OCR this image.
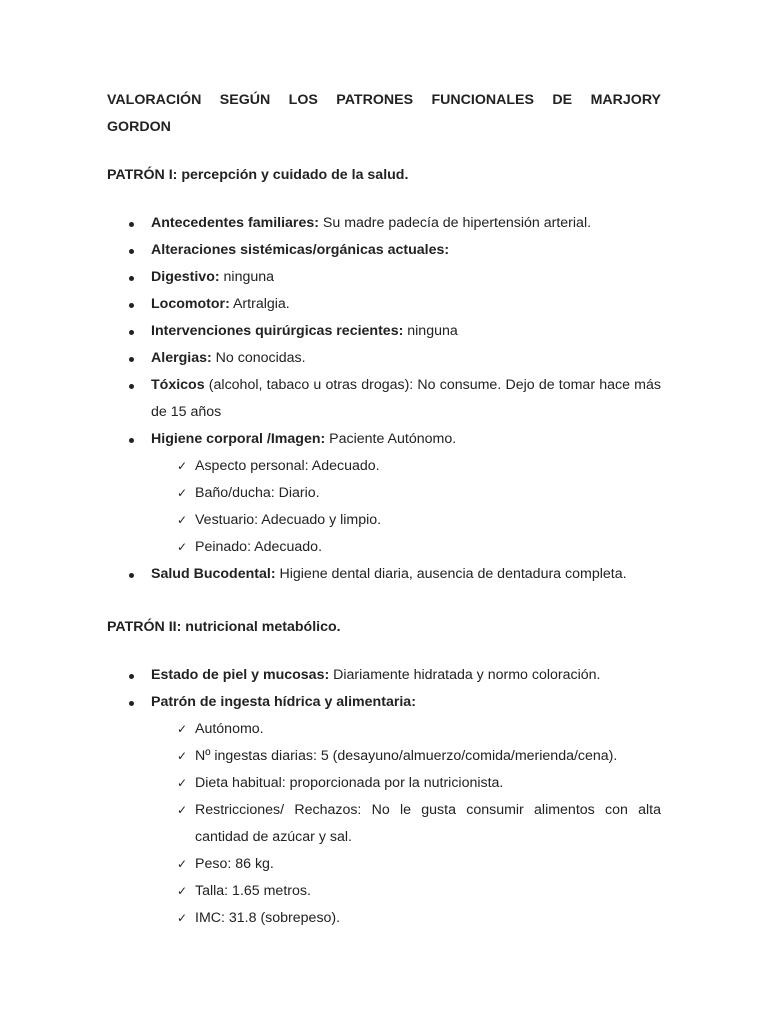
VALORACIÓN SEGÚN LOS PATRONES FUNCIONALES DE MARJORY
GORDON

PATRÓN I: percepción y cuidado de la salud.

Antecedentes familiares: Su madre padecía de hipertensión arterial.
Alteraciones sistémicas/orgánicas actuales:
Digestivo: ninguna
Locomotor: Artralgia.
Intervenciones quirúrgicas recientes: ninguna
Alergias: No conocidas.
Tóxicos (alcohol, tabaco u otras drogas): No consume. Dejo de tomar hace más de 15 años
Higiene corporal /Imagen: Paciente Autónomo.
✓ Aspecto personal: Adecuado.
✓ Baño/ducha: Diario.
✓ Vestuario: Adecuado y limpio.
✓ Peinado: Adecuado.
Salud Bucodental: Higiene dental diaria, ausencia de dentadura completa.

PATRÓN II: nutricional metabólico.

Estado de piel y mucosas: Diariamente hidratada y normo coloración.
Patrón de ingesta hídrica y alimentaria:
✓ Autónomo.
✓ Nº ingestas diarias: 5 (desayuno/almuerzo/comida/merienda/cena).
✓ Dieta habitual: proporcionada por la nutricionista.
✓ Restricciones/ Rechazos: No le gusta consumir alimentos con alta cantidad de azúcar y sal.
✓ Peso: 86 kg.
✓ Talla: 1.65 metros.
✓ IMC: 31.8 (sobrepeso).
